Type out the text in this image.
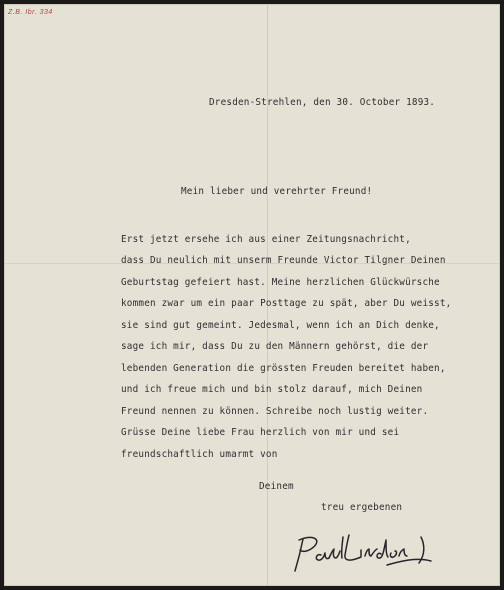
Z.B. Ibr. 334

Dresden-Strehlen, den 30. October 1893.

Mein lieber und verehrter Freund!

Erst jetzt ersehe ich aus einer Zeitungsnachricht,

dass Du neulich mit unserm Freunde Victor Tilgner Deinen

Geburtstag gefeiert hast. Meine herzlichen Glückwürsche

kommen zwar um ein paar Posttage zu spät, aber Du weisst,

sie sind gut gemeint. Jedesmal, wenn ich an Dich denke,

sage ich mir, dass Du zu den Männern gehörst, die der

lebenden Generation die grössten Freuden bereitet haben,

und ich freue mich und bin stolz darauf, mich Deinen

Freund nennen zu können. Schreibe noch lustig weiter.

Grüsse Deine liebe Frau herzlich von mir und sei

freundschaftlich umarmt von

Deinem

treu ergebenen
